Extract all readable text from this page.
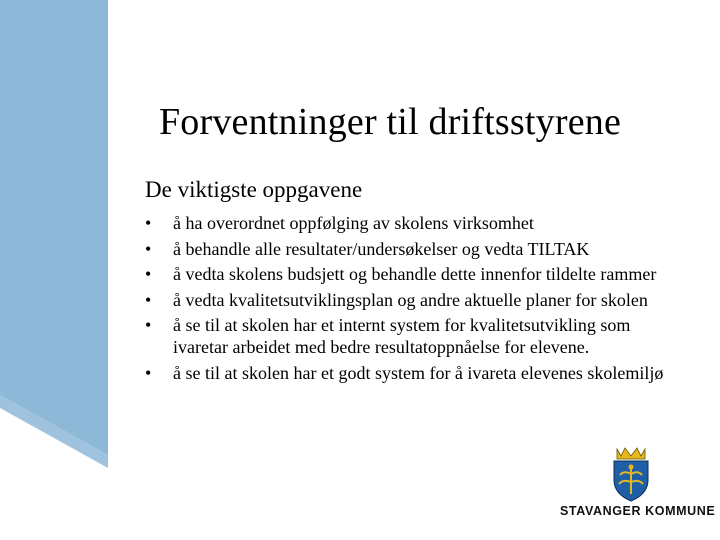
Forventninger til driftsstyrene
De viktigste oppgavene
• å ha overordnet oppfølging av skolens virksomhet
• å behandle alle resultater/undersøkelser og vedta TILTAK
• å vedta skolens budsjett og behandle dette innenfor tildelte rammer
• å vedta kvalitetsutviklingsplan og andre aktuelle planer for skolen
• å se til at skolen har et internt system for kvalitetsutvikling som ivaretar arbeidet med bedre resultatoppnåelse for elevene.
• å se til at skolen har et godt system for å ivareta elevenes skolemiljø
STAVANGER KOMMUNE
